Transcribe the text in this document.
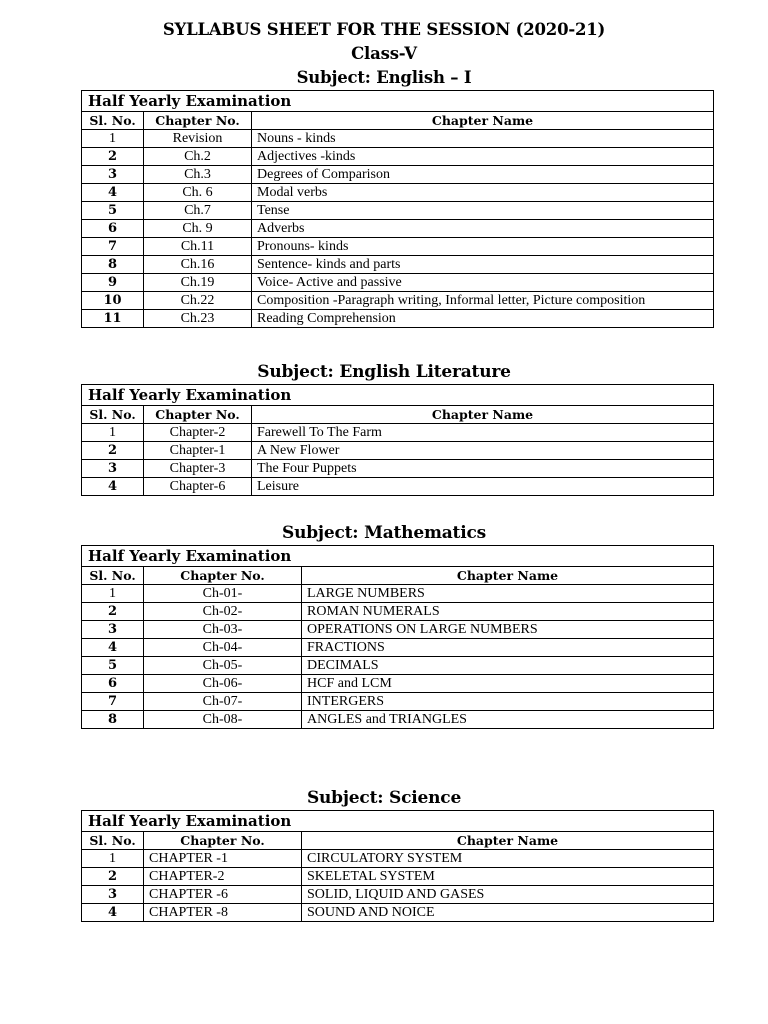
SYLLABUS SHEET FOR THE SESSION (2020-21)
Class-V
Subject: English – I
Half Yearly Examination		
Sl. No.	Chapter No.	Chapter Name
1	Revision	Nouns - kinds
2	Ch.2	Adjectives -kinds
3	Ch.3	Degrees of Comparison
4	Ch. 6	Modal verbs
5	Ch.7	Tense
6	Ch. 9	Adverbs
7	Ch.11	Pronouns- kinds
8	Ch.16	Sentence- kinds and parts
9	Ch.19	Voice- Active and passive
10	Ch.22	Composition -Paragraph writing, Informal letter, Picture composition
11	Ch.23	Reading Comprehension
Subject: English Literature
Half Yearly Examination		
Sl. No.	Chapter No.	Chapter Name
1	Chapter-2	Farewell To The Farm
2	Chapter-1	A New Flower
3	Chapter-3	The Four Puppets
4	Chapter-6	Leisure
Subject: Mathematics
Half Yearly Examination		
Sl. No.	Chapter No.	Chapter Name
1	Ch-01-	LARGE NUMBERS
2	Ch-02-	ROMAN NUMERALS
3	Ch-03-	OPERATIONS ON LARGE NUMBERS
4	Ch-04-	FRACTIONS
5	Ch-05-	DECIMALS
6	Ch-06-	HCF and LCM
7	Ch-07-	INTERGERS
8	Ch-08-	ANGLES and TRIANGLES
Subject: Science
Half Yearly Examination		
Sl. No.	Chapter No.	Chapter Name
1	CHAPTER -1	CIRCULATORY SYSTEM
2	CHAPTER-2	SKELETAL SYSTEM
3	CHAPTER -6	SOLID, LIQUID AND GASES
4	CHAPTER -8	SOUND AND NOICE
